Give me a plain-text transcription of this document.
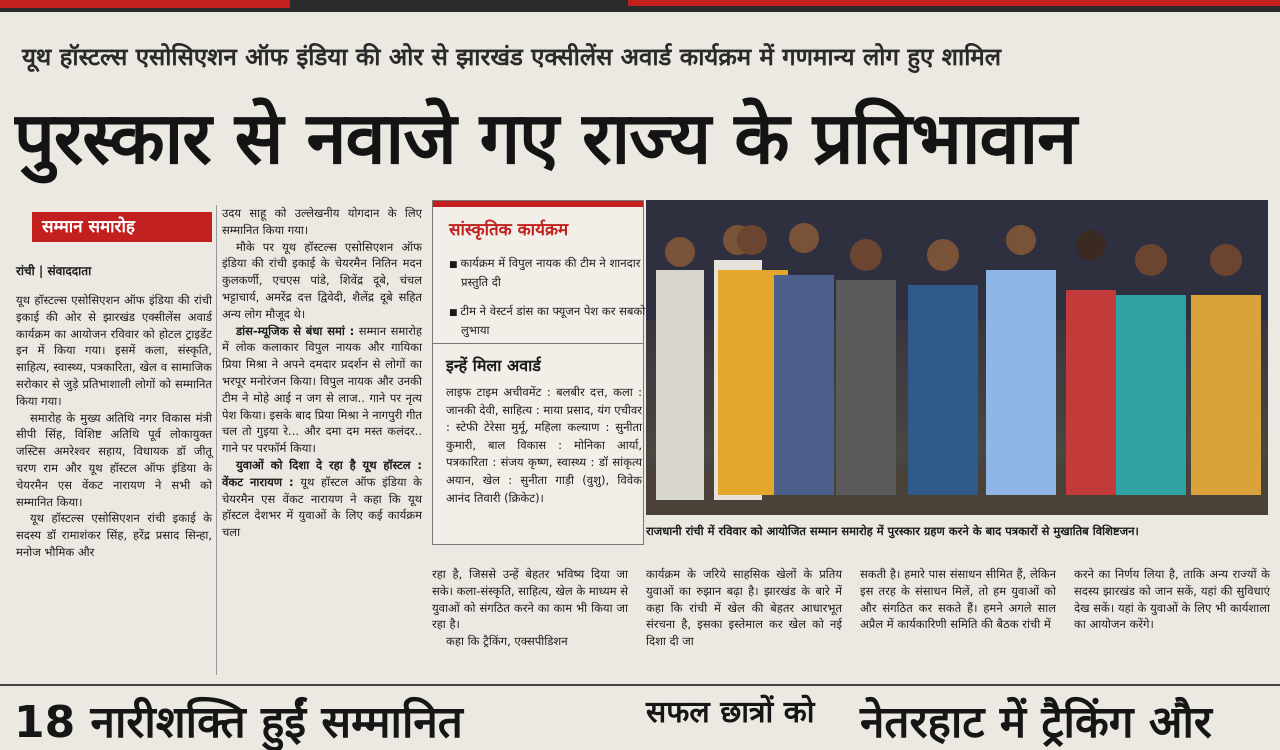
यूथ हॉस्टल्स एसोसिएशन ऑफ इंडिया की ओर से झारखंड एक्सीलेंस अवार्ड कार्यक्रम में गणमान्य लोग हुए शामिल
पुरस्कार से नवाजे गए राज्य के प्रतिभावान
सम्मान समारोह
रांची | संवाददाता

यूथ हॉस्टल्स एसोसिएशन ऑफ इंडिया की रांची इकाई की ओर से झारखंड एक्सीलेंस अवार्ड कार्यक्रम का आयोजन रविवार को होटल ट्राइडेंट इन में किया गया। इसमें कला, संस्कृति, साहित्य, स्वास्थ्य, पत्रकारिता, खेल व सामाजिक सरोकार से जुड़े प्रतिभाशाली लोगों को सम्मानित किया गया।

समारोह के मुख्य अतिथि नगर विकास मंत्री सीपी सिंह, विशिष्ट अतिथि पूर्व लोकायुक्त जस्टिस अमरेश्वर सहाय, विधायक डॉ जीतू चरण राम और यूथ हॉस्टल ऑफ इंडिया के चेयरमैन एस वेंकट नारायण ने सभी को सम्मानित किया।

यूथ हॉस्टल्स एसोसिएशन रांची इकाई के सदस्य डॉ रामाशंकर सिंह, हरेंद्र प्रसाद सिन्हा, मनोज भौमिक और

उदय साहू को उल्लेखनीय योगदान के लिए सम्मानित किया गया।

मौके पर यूथ हॉस्टल्स एसोसिएशन ऑफ इंडिया की रांची इकाई के चेयरमैन नितिन मदन कुलकर्णी, एचएस पांडे, शिवेंद्र दूबे, चंचल भट्टाचार्य, अमरेंद्र दत्त द्विवेदी, शैलेंद्र दूबे सहित अन्य लोग मौजूद थे।

डांस-म्यूजिक से बंधा समां : सम्मान समारोह में लोक कलाकार विपुल नायक और गायिका प्रिया मिश्रा ने अपने दमदार प्रदर्शन से लोगों का भरपूर मनोरंजन किया। विपुल नायक और उनकी टीम ने मोहे आई न जग से लाज.. गाने पर नृत्य पेश किया। इसके बाद प्रिया मिश्रा ने नागपुरी गीत चल तो गुइया रे... और दमा दम मस्त कलंदर.. गाने पर परफॉर्म किया।

युवाओं को दिशा दे रहा है यूथ हॉस्टल : वेंकट नारायण : यूथ हॉस्टल ऑफ इंडिया के चेयरमैन एस वेंकट नारायण ने कहा कि यूथ हॉस्टल देशभर में युवाओं के लिए कई कार्यक्रम चला

सांस्कृतिक कार्यक्रम
■ कार्यक्रम में विपुल नायक की टीम ने शानदार प्रस्तुति दी
■ टीम ने वेस्टर्न डांस का फ्यूजन पेश कर सबको लुभाया
इन्हें मिला अवार्ड
लाइफ टाइम अचीवमेंट : बलबीर दत्त, कला : जानकी देवी, साहित्य : माया प्रसाद, यंग एचीवर : स्टेफी टेरेसा मुर्मू, महिला कल्याण : सुनीता कुमारी, बाल विकास : मोनिका आर्या, पत्रकारिता : संजय कृष्ण, स्वास्थ्य : डॉ सांकृत्य अयान, खेल : सुनीता गाड़ी (वुशु), विवेक आनंद तिवारी (क्रिकेट)।
राजधानी रांची में रविवार को आयोजित सम्मान समारोह में पुरस्कार ग्रहण करने के बाद पत्रकारों से मुखातिब विशिष्टजन।

रहा है, जिससे उन्हें बेहतर भविष्य दिया जा सके। कला-संस्कृति, साहित्य, खेल के माध्यम से युवाओं को संगठित करने का काम भी किया जा रहा है।

कहा कि ट्रैकिंग, एक्सपीडिशन

कार्यक्रम के जरिये साहसिक खेलों के प्रतिय युवाओं का रुझान बढ़ा है। झारखंड के बारे में कहा कि रांची में खेल की बेहतर आधारभूत संरचना है, इसका इस्तेमाल कर खेल को नई दिशा दी जा

सकती है। हमारे पास संसाधन सीमित हैं, लेकिन इस तरह के संसाधन मिलें, तो हम युवाओं को और संगठित कर सकते हैं। हमने अगले साल अप्रैल में कार्यकारिणी समिति की बैठक रांची में

करने का निर्णय लिया है, ताकि अन्य राज्यों के सदस्य झारखंड को जान सकें, यहां की सुविधाएं देख सकें। यहां के युवाओं के लिए भी कार्यशाला का आयोजन करेंगे।

18 नारीशक्ति हुईं सम्मानित	सफल छात्रों को नेतरहाट में ट्रैकिंग और
